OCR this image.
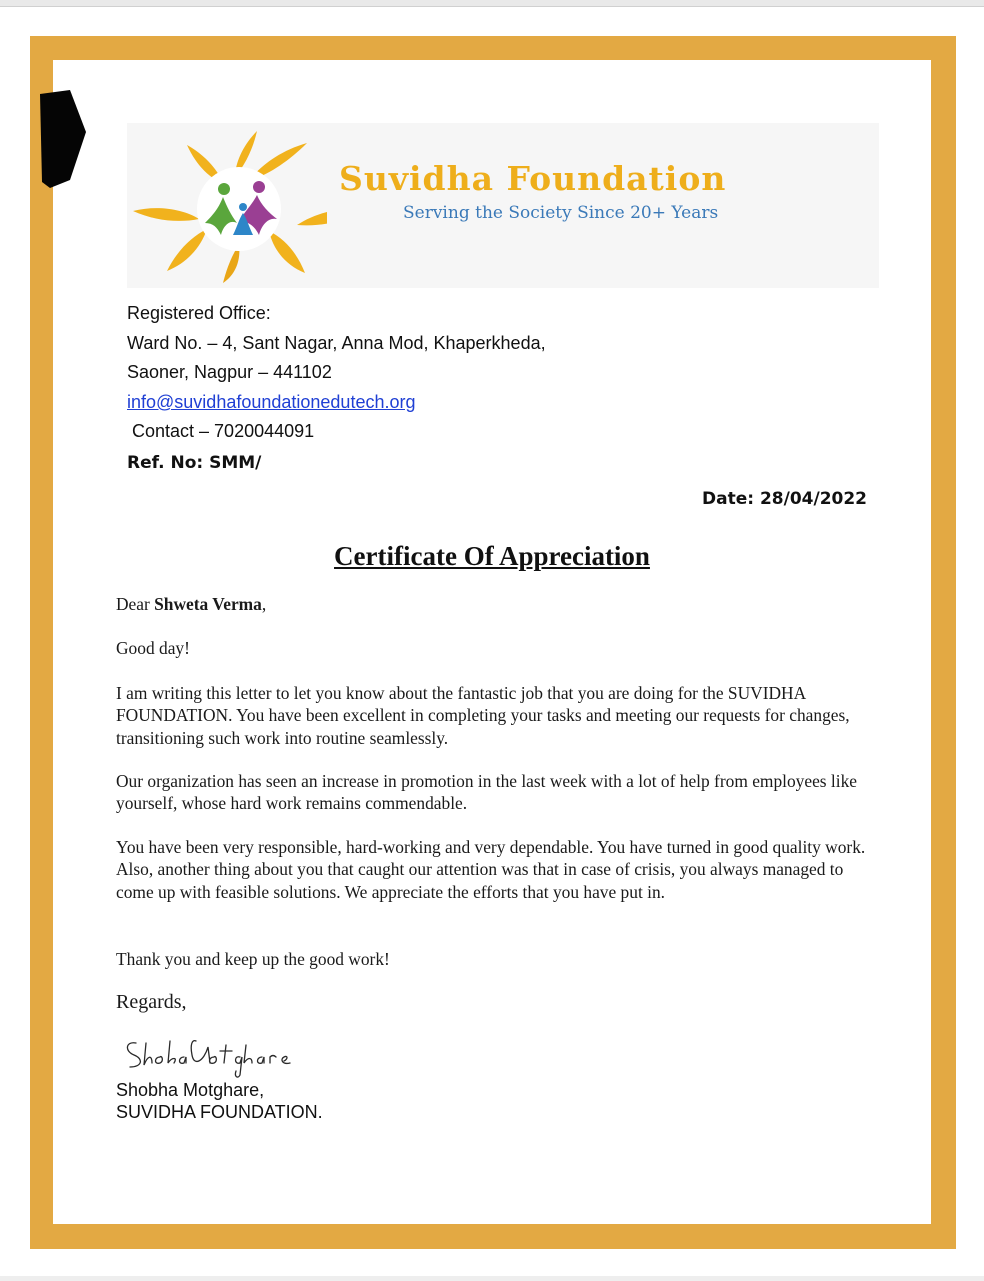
Suvidha Foundation
Serving the Society Since 20+ Years
Registered Office:
Ward No. – 4, Sant Nagar, Anna Mod, Khaperkheda,
Saoner, Nagpur – 441102
info@suvidhafoundationedutech.org
Contact – 7020044091
Ref. No: SMM/
Date: 28/04/2022
Certificate Of Appreciation
Dear Shweta Verma,
Good day!
I am writing this letter to let you know about the fantastic job that you are doing for the SUVIDHA FOUNDATION. You have been excellent in completing your tasks and meeting our requests for changes, transitioning such work into routine seamlessly.
Our organization has seen an increase in promotion in the last week with a lot of help from employees like yourself, whose hard work remains commendable.
You have been very responsible, hard-working and very dependable. You have turned in good quality work. Also, another thing about you that caught our attention was that in case of crisis, you always managed to come up with feasible solutions. We appreciate the efforts that you have put in.
Thank you and keep up the good work!
Regards,
Shobha Motghare,
SUVIDHA FOUNDATION.
